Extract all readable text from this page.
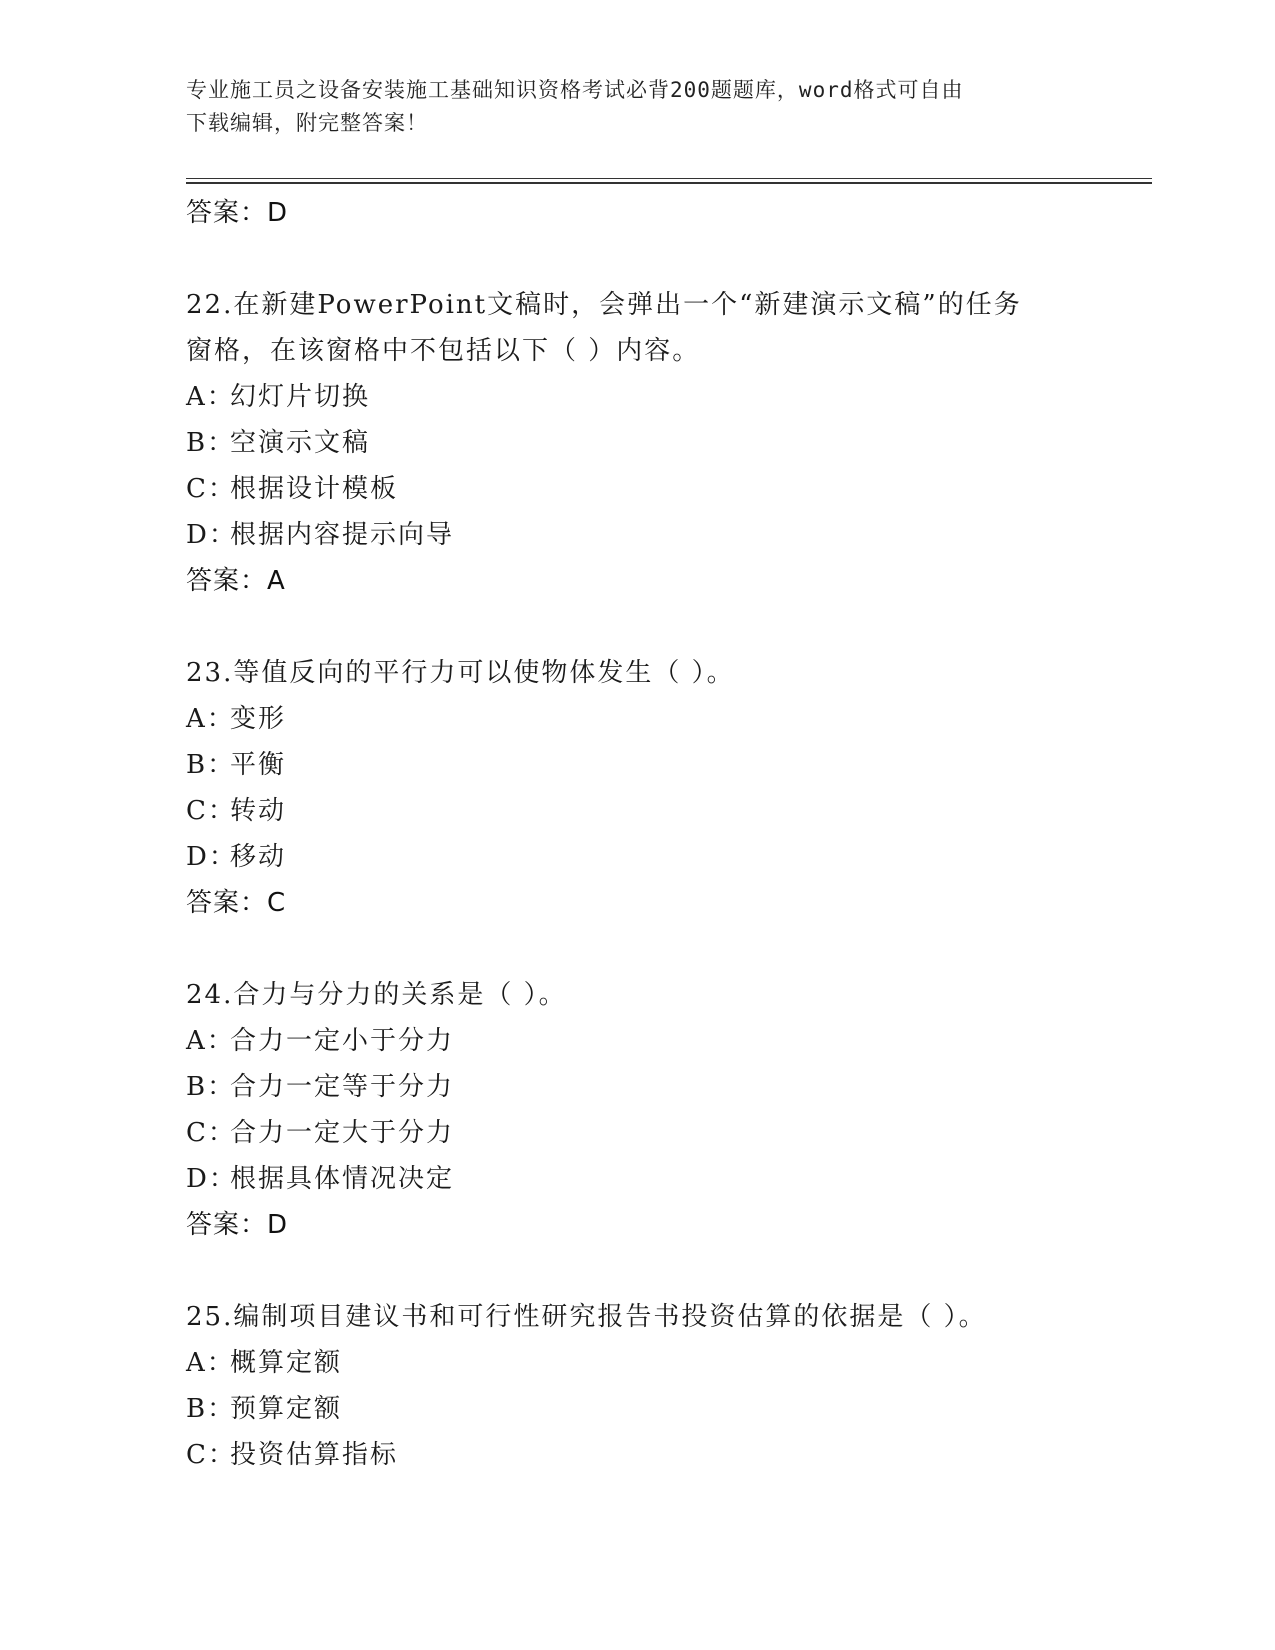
专业施工员之设备安装施工基础知识资格考试必背200题题库，word格式可自由
下载编辑，附完整答案！
答案：D
22.在新建PowerPoint文稿时，会弹出一个“新建演示文稿”的任务
窗格，在该窗格中不包括以下（ ）内容。
A：幻灯片切换
B：空演示文稿
C：根据设计模板
D：根据内容提示向导
答案：A
23.等值反向的平行力可以使物体发生（ ）。
A：变形
B：平衡
C：转动
D：移动
答案：C
24.合力与分力的关系是（ ）。
A：合力一定小于分力
B：合力一定等于分力
C：合力一定大于分力
D：根据具体情况决定
答案：D
25.编制项目建议书和可行性研究报告书投资估算的依据是（ ）。
A：概算定额
B：预算定额
C：投资估算指标
